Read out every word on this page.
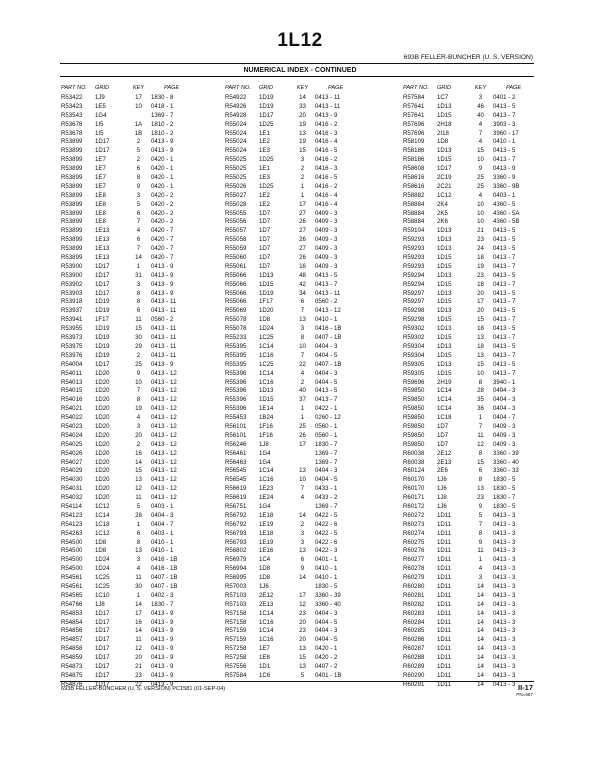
1L12
693B FELLER-BUNCHER (U. S. VERSION)
NUMERICAL INDEX - CONTINUED
PART NO. GRID	KEY	PAGE
R53422 1J9	17	1830 - 8
R53423 1E5	10	0418 - 1
R53543 1G4	1369 - 7
R53678 1I5	1A	1810 - 2
R53678 1I5	1B	1810 - 2
R53899 1D17	2	0413 - 9
R53899 1D17	5	0413 - 9
R53899 1E7	2	0420 - 1
R53899 1E7	6	0420 - 1
R53899 1E7	8	0420 - 1
R53899 1E7	9	0420 - 1
R53899 1E8	3	0420 - 2
R53899 1E8	5	0420 - 2
R53899 1E8	6	0420 - 2
R53899 1E8	7	0420 - 2
R53899 1E13	4	0420 - 7
R53899 1E13	6	0420 - 7
R53899 1E13	7	0420 - 7
R53899 1E13	14	0420 - 7
R53900 1D17	1	0413 - 9
R53900 1D17	31	0413 - 9
R53902 1D17	3	0413 - 9
R53903 1D17	8	0413 - 9
R53918 1D19	8	0413 - 11
R53937 1D19	6	0413 - 11
R53941 1F17	11	0560 - 2
R53955 1D19	15	0413 - 11
R53973 1D19	30	0413 - 11
R53975 1D19	29	0413 - 11
R53976 1D19	2	0413 - 11
R54004 1D17	25	0413 - 9
R54011 1D20	9	0413 - 12
R54013 1D20	10	0413 - 12
R54015 1D20	7	0413 - 12
R54016 1D20	8	0413 - 12
R54021 1D20	19	0413 - 12
R54022 1D20	4	0413 - 12
R54023 1D20	3	0413 - 12
R54024 1D20	20	0413 - 12
R54025 1D20	2	0413 - 12
R54026 1D20	16	0413 - 12
R54027 1D20	14	0413 - 12
R54029 1D20	15	0413 - 12
R54030 1D20	13	0413 - 12
R54031 1D20	12	0413 - 12
R54032 1D20	11	0413 - 12
R54114 1C12	5	0403 - 1
R54123 1C14	28	0404 - 3
R54123 1C18	1	0404 - 7
R54263 1C12	6	0403 - 1
R54500 1D8	8	0410 - 1
R54500 1D8	13	0410 - 1
R54500 1D24	3	0416 - 1B
R54500 1D24	4	0416 - 1B
R54561 1C25	11	0407 - 1B
R54561 1C25	30	0407 - 1B
R54565 1C10	1	0402 - 3
R54766 1J8	14	1830 - 7
R54853 1D17	17	0413 - 9
R54854 1D17	16	0413 - 9
R54856 1D17	14	0413 - 9
R54857 1D17	11	0413 - 9
R54858 1D17	12	0413 - 9
R54859 1D17	20	0413 - 9
R54873 1D17	21	0413 - 9
R54875 1D17	23	0413 - 9
R54876 1D17	22	0413 - 9
PART NO. GRID	KEY	PAGE
R54922 1D19	14	0413 - 11
R54926 1D19	33	0413 - 11
R54928 1D17	20	0413 - 9
R55024 1D25	19	0416 - 2
R55024 1E1	13	0416 - 3
R55024 1E2	19	0416 - 4
R55024 1E3	15	0416 - 5
R55025 1D25	3	0416 - 2
R55025 1E1	2	0416 - 3
R55025 1E3	2	0416 - 5
R55026 1D25	1	0416 - 2
R55027 1E2	1	0416 - 4
R55028 1E2	17	0416 - 4
R55055 1D7	27	0409 - 3
R55056 1D7	26	0409 - 3
R55057 1D7	27	0409 - 3
R55058 1D7	26	0409 - 3
R55059 1D7	27	0409 - 3
R55060 1D7	26	0409 - 3
R55061 1D7	16	0409 - 3
R55066 1D13	48	0413 - 5
R55066 1D15	42	0413 - 7
R55066 1D19	34	0413 - 11
R55066 1F17	6	0560 - 2
R55069 1D20	7	0413 - 12
R55078 1D8	13	0410 - 1
R55078 1D24	3	0416 - 1B
R55233 1C25	8	0407 - 1B
R55395 1C14	10	0404 - 3
R55395 1C16	7	0404 - 5
R55395 1C25	22	0407 - 1B
R55396 1C14	4	0404 - 3
R55396 1C16	2	0404 - 5
R55396 1D13	40	0413 - 5
R55396 1D15	37	0413 - 7
R55396 1E14	1	0422 - 1
R55453 1B24	1	0260 - 12
R56101 1F16	25	0560 - 1
R56101 1F16	26	0560 - 1
R56246 1J8	17	1830 - 7
R56461 1G4	1369 - 7
R56463 1G4	1369 - 7
R56545 1C14	13	0404 - 3
R56545 1C16	10	0404 - 5
R56619 1E23	7	0433 - 1
R56619 1E24	4	0433 - 2
R56751 1G4	1369 - 7
R56792 1E18	14	0422 - 5
R56792 1E19	2	0422 - 6
R56793 1E18	3	0422 - 5
R56793 1E19	3	0422 - 6
R56802 1E16	13	0422 - 3
R56979 1C4	6	0401 - 1
R56994 1D8	9	0410 - 1
R56995 1D8	14	0410 - 1
R57003 1J6	1830 - 5
R57103 2E12	17	3360 - 39
R57103 2E13	12	3360 - 40
R57158 1C14	23	0404 - 3
R57158 1C16	20	0404 - 5
R57159 1C14	23	0404 - 3
R57159 1C16	20	0404 - 5
R57258 1E7	13	0420 - 1
R57258 1E8	15	0420 - 2
R57556 1D1	13	0407 - 2
R57584 1C6	5	0401 - 1B
PART NO. GRID	KEY	PAGE
R57584 1C7	3	0401 - 2
R57641 1D13	46	0413 - 5
R57641 1D15	40	0413 - 7
R57696 2H18	4	3903 - 3
R57696 2I18	7	3960 - 17
R58109 1D8	4	0410 - 1
R58186 1D13	15	0413 - 5
R58186 1D15	10	0413 - 7
R58608 1D17	9	0413 - 9
R58616 2C19	25	3360 - 9
R58616 2C21	25	3360 - 9B
R58882 1C12	4	0403 - 1
R58884 2K4	10	4360 - 5
R58884 2K5	10	4360 - 5A
R58884 2K6	10	4360 - 5B
R59104 1D13	21	0413 - 5
R59293 1D13	23	0413 - 5
R59293 1D13	24	0413 - 5
R59293 1D15	18	0413 - 7
R59293 1D15	19	0413 - 7
R59294 1D13	23	0413 - 5
R59294 1D15	18	0413 - 7
R59297 1D13	20	0413 - 5
R59297 1D15	17	0413 - 7
R59298 1D13	20	0413 - 5
R59298 1D15	15	0413 - 7
R59302 1D13	18	0413 - 5
R59302 1D15	13	0413 - 7
R59304 1D13	18	0413 - 5
R59304 1D15	13	0413 - 7
R59305 1D13	15	0413 - 5
R59305 1D15	10	0413 - 7
R59696 2H19	8	3940 - 1
R59850 1C14	28	0404 - 3
R59850 1C14	35	0404 - 3
R59850 1C14	36	0404 - 3
R59850 1C18	1	0404 - 7
R59850 1D7	7	0409 - 3
R59850 1D7	11	0409 - 3
R59850 1D7	12	0409 - 3
R60038 2E12	8	3360 - 39
R60038 2E13	15	3360 - 40
R60124 2E6	6	3360 - 33
R60170 1J6	8	1830 - 5
R60170 1J6	13	1830 - 5
R60171 1J8	23	1830 - 7
R60172 1J6	9	1830 - 5
R60272 1D11	5	0413 - 3
R60273 1D11	7	0413 - 3
R60274 1D11	8	0413 - 3
R60275 1D11	9	0413 - 3
R60276 1D11	11	0413 - 3
R60277 1D11	1	0413 - 3
R60278 1D11	4	0413 - 3
R60279 1D11	3	0413 - 3
R60280 1D11	14	0413 - 3
R60281 1D11	14	0413 - 3
R60282 1D11	14	0413 - 3
R60283 1D11	14	0413 - 3
R60284 1D11	14	0413 - 3
R60285 1D11	14	0413 - 3
R60286 1D11	14	0413 - 3
R60287 1D11	14	0413 - 3
R60288 1D11	14	0413 - 3
R60289 1D11	14	0413 - 3
R60290 1D11	14	0413 - 3
R60291 1D11	14	0413 - 3
693B FELLER-BUNCHER (U. S. VERSION) PC1581 (01-SEP-04)	II-17
PN=667
